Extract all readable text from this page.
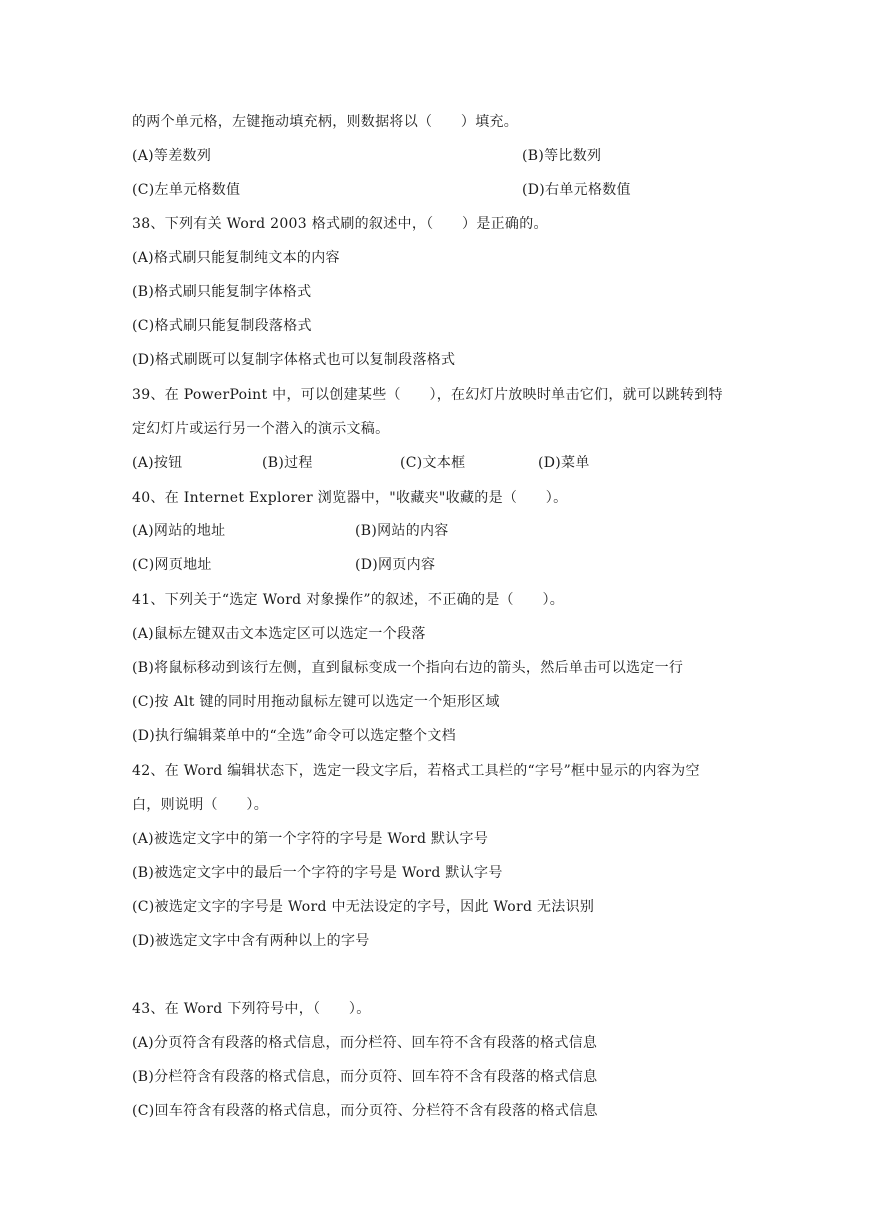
的两个单元格，左键拖动填充柄，则数据将以（　　）填充。
(A)等差数列	(B)等比数列
(C)左单元格数值	(D)右单元格数值
38、下列有关 Word 2003 格式刷的叙述中，（　　）是正确的。
(A)格式刷只能复制纯文本的内容
(B)格式刷只能复制字体格式
(C)格式刷只能复制段落格式
(D)格式刷既可以复制字体格式也可以复制段落格式
39、在 PowerPoint 中，可以创建某些（　　），在幻灯片放映时单击它们，就可以跳转到特
定幻灯片或运行另一个潜入的演示文稿。
(A)按钮	(B)过程	(C)文本框	(D)菜单
40、在 Internet Explorer 浏览器中，"收藏夹"收藏的是（　　）。
(A)网站的地址	(B)网站的内容
(C)网页地址	(D)网页内容
41、下列关于“选定 Word 对象操作”的叙述，不正确的是（　　）。
(A)鼠标左键双击文本选定区可以选定一个段落
(B)将鼠标移动到该行左侧，直到鼠标变成一个指向右边的箭头，然后单击可以选定一行
(C)按 Alt 键的同时用拖动鼠标左键可以选定一个矩形区域
(D)执行编辑菜单中的“全选”命令可以选定整个文档
42、在 Word 编辑状态下，选定一段文字后，若格式工具栏的“字号”框中显示的内容为空
白，则说明（　　）。
(A)被选定文字中的第一个字符的字号是 Word 默认字号
(B)被选定文字中的最后一个字符的字号是 Word 默认字号
(C)被选定文字的字号是 Word 中无法设定的字号，因此 Word 无法识别
(D)被选定文字中含有两种以上的字号
43、在 Word 下列符号中，（　　）。
(A)分页符含有段落的格式信息，而分栏符、回车符不含有段落的格式信息
(B)分栏符含有段落的格式信息，而分页符、回车符不含有段落的格式信息
(C)回车符含有段落的格式信息，而分页符、分栏符不含有段落的格式信息
